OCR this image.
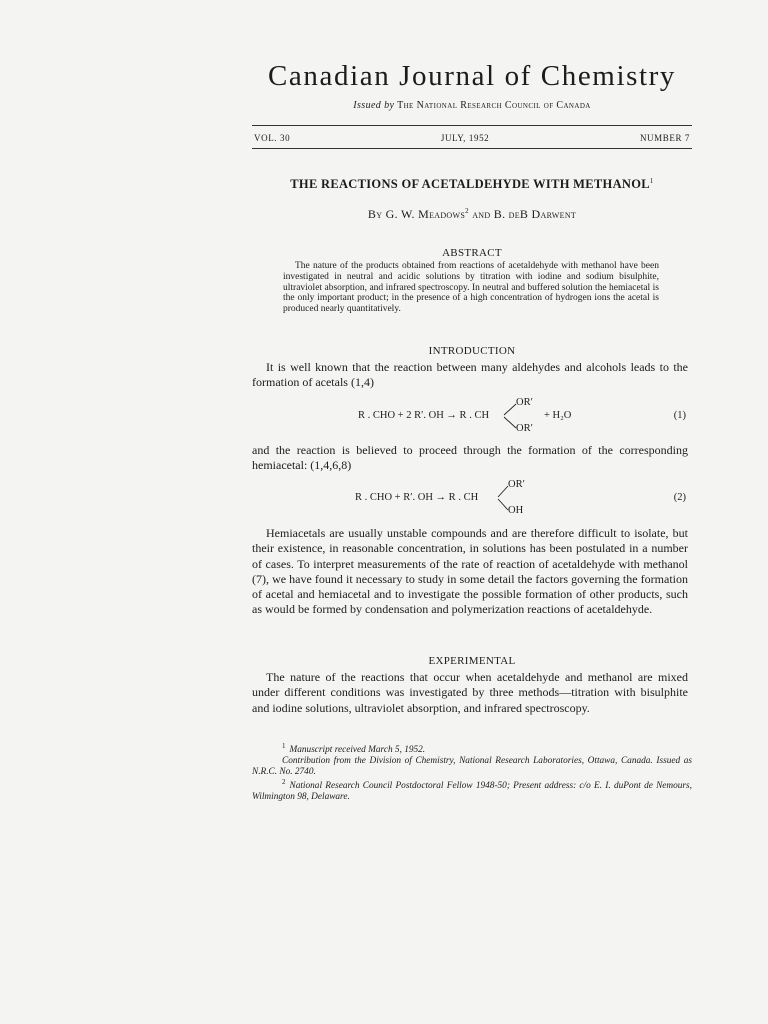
Canadian Journal of Chemistry
Issued by The National Research Council of Canada
VOL. 30	JULY, 1952	NUMBER 7
THE REACTIONS OF ACETALDEHYDE WITH METHANOL$^1$
By G. W. Meadows$^2$ and B. deB Darwent
ABSTRACT
The nature of the products obtained from reactions of acetaldehyde with methanol have been investigated in neutral and acidic solutions by titration with iodine and sodium bisulphite, ultraviolet absorption, and infrared spectroscopy. In neutral and buffered solution the hemiacetal is the only important product; in the presence of a high concentration of hydrogen ions the acetal is produced nearly quantitatively.
INTRODUCTION
It is well known that the reaction between many aldehydes and alcohols leads to the formation of acetals (1,4)
R . CHO + 2 R′. OH → R . CH
OR′
OR′
+ H₂O	(1)
and the reaction is believed to proceed through the formation of the corresponding hemiacetal: (1,4,6,8)
R . CHO + R′. OH → R . CH
OR′
OH
(2)
Hemiacetals are usually unstable compounds and are therefore difficult to isolate, but their existence, in reasonable concentration, in solutions has been postulated in a number of cases. To interpret measurements of the rate of reaction of acetaldehyde with methanol (7), we have found it necessary to study in some detail the factors governing the formation of acetal and hemiacetal and to investigate the possible formation of other products, such as would be formed by condensation and polymerization reactions of acetaldehyde.
EXPERIMENTAL
The nature of the reactions that occur when acetaldehyde and methanol are mixed under different conditions was investigated by three methods—titration with bisulphite and iodine solutions, ultraviolet absorption, and infrared spectroscopy.
$^1$ Manuscript received March 5, 1952.
Contribution from the Division of Chemistry, National Research Laboratories, Ottawa, Canada. Issued as N.R.C. No. 2740.
$^2$ National Research Council Postdoctoral Fellow 1948-50; Present address: c/o E. I. duPont de Nemours, Wilmington 98, Delaware.
